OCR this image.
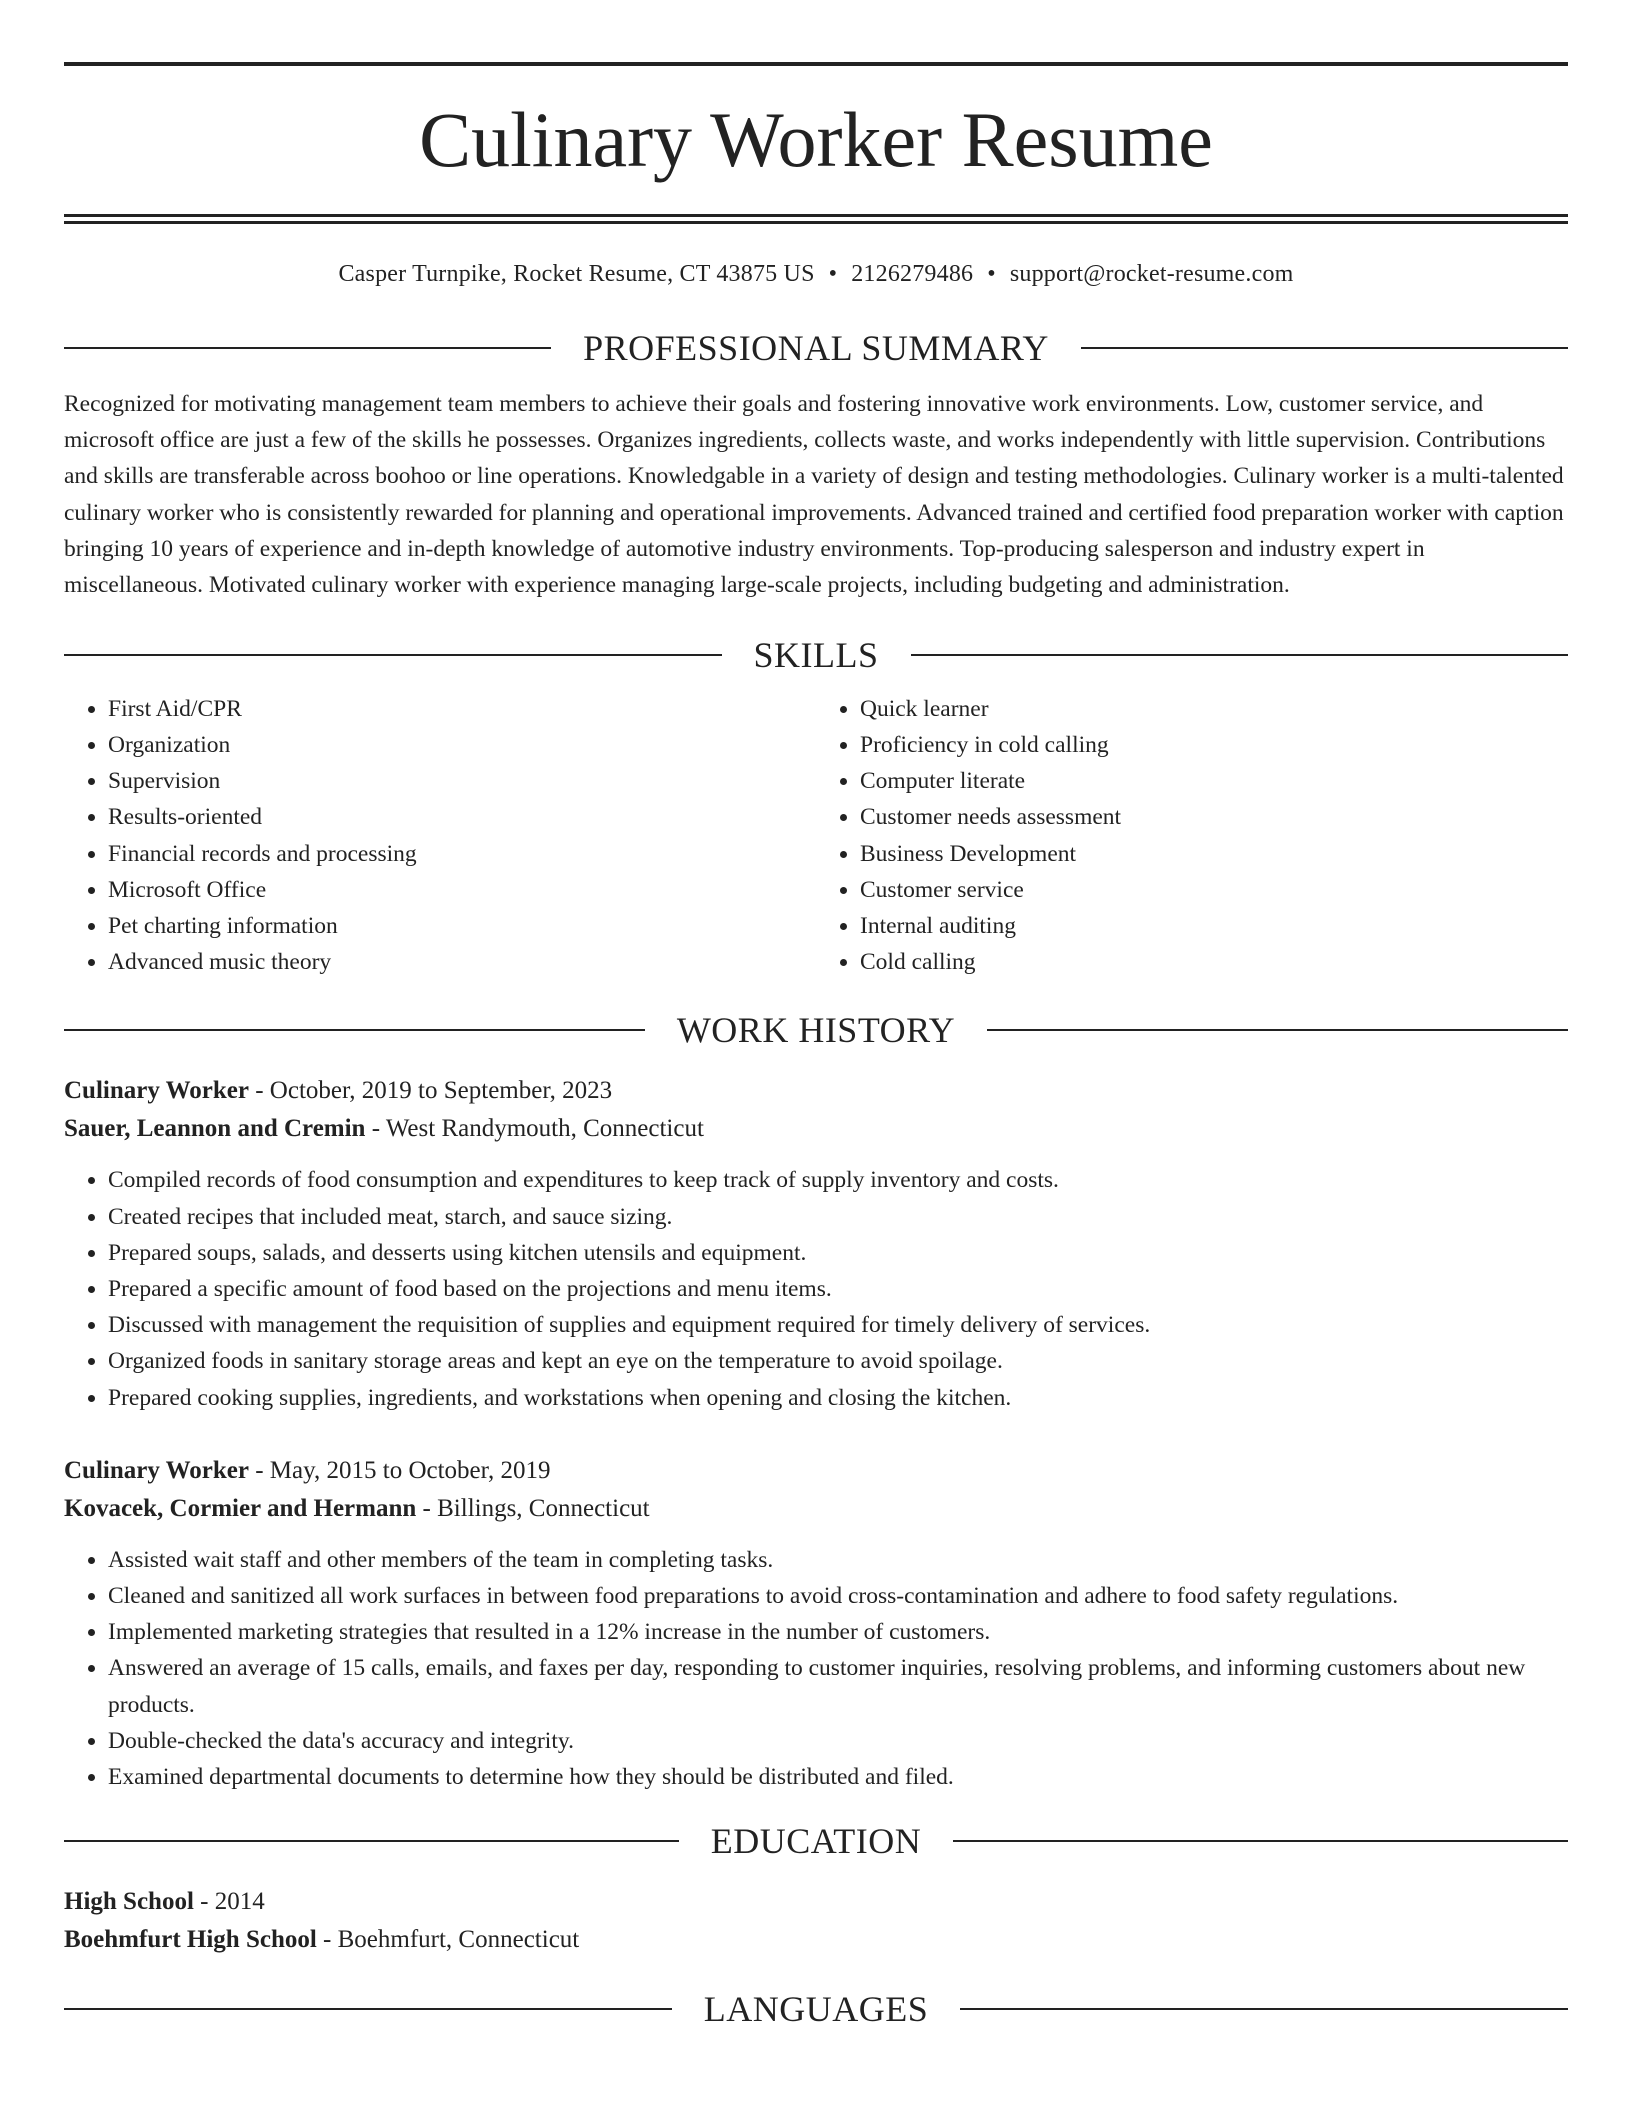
Culinary Worker Resume
Casper Turnpike, Rocket Resume, CT 43875 US • 2126279486 • support@rocket-resume.com
PROFESSIONAL SUMMARY

Recognized for motivating management team members to achieve their goals and fostering innovative work environments. Low, customer service, and microsoft office are just a few of the skills he possesses. Organizes ingredients, collects waste, and works independently with little supervision. Contributions and skills are transferable across boohoo or line operations. Knowledgable in a variety of design and testing methodologies. Culinary worker is a multi-talented culinary worker who is consistently rewarded for planning and operational improvements. Advanced trained and certified food preparation worker with caption bringing 10 years of experience and in-depth knowledge of automotive industry environments. Top-producing salesperson and industry expert in miscellaneous. Motivated culinary worker with experience managing large-scale projects, including budgeting and administration.

SKILLS
• First Aid/CPR
• Organization
• Supervision
• Results-oriented
• Financial records and processing
• Microsoft Office
• Pet charting information
• Advanced music theory
• Quick learner
• Proficiency in cold calling
• Computer literate
• Customer needs assessment
• Business Development
• Customer service
• Internal auditing
• Cold calling
WORK HISTORY
Culinary Worker - October, 2019 to September, 2023
Sauer, Leannon and Cremin - West Randymouth, Connecticut
• Compiled records of food consumption and expenditures to keep track of supply inventory and costs.
• Created recipes that included meat, starch, and sauce sizing.
• Prepared soups, salads, and desserts using kitchen utensils and equipment.
• Prepared a specific amount of food based on the projections and menu items.
• Discussed with management the requisition of supplies and equipment required for timely delivery of services.
• Organized foods in sanitary storage areas and kept an eye on the temperature to avoid spoilage.
• Prepared cooking supplies, ingredients, and workstations when opening and closing the kitchen.
Culinary Worker - May, 2015 to October, 2019
Kovacek, Cormier and Hermann - Billings, Connecticut
• Assisted wait staff and other members of the team in completing tasks.
• Cleaned and sanitized all work surfaces in between food preparations to avoid cross-contamination and adhere to food safety regulations.
• Implemented marketing strategies that resulted in a 12% increase in the number of customers.
• Answered an average of 15 calls, emails, and faxes per day, responding to customer inquiries, resolving problems, and informing customers about new products.
• Double-checked the data's accuracy and integrity.
• Examined departmental documents to determine how they should be distributed and filed.
EDUCATION
High School - 2014
Boehmfurt High School - Boehmfurt, Connecticut
LANGUAGES
